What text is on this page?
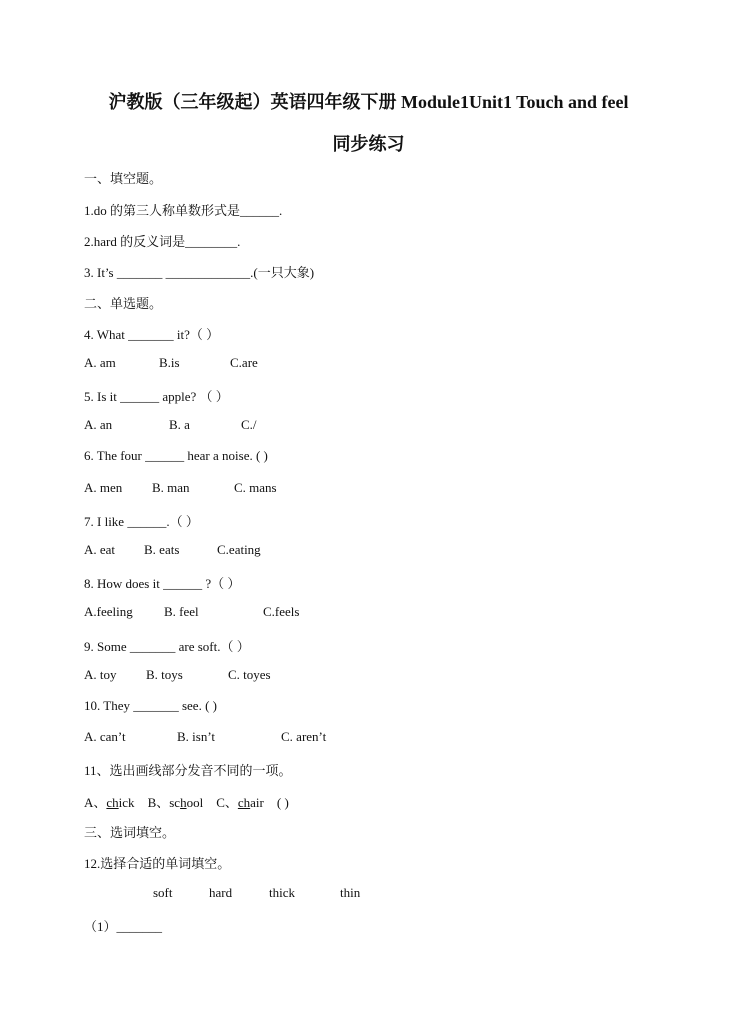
沪教版（三年级起）英语四年级下册 Module1Unit1 Touch and feel
同步练习
一、填空题。
1.do 的第三人称单数形式是______.
2.hard 的反义词是________.
3. It’s _______ _____________.(一只大象)
二、单选题。
4. What _______ it?（ ）
A. am	B.is	C.are
5. Is it ______ apple? （ ）
A. an	B. a	C./
6. The four ______ hear a noise. ( )
A. men B. man	C. mans
7. I like ______.（ ）
A. eat B. eats	C.eating
8. How does it ______ ?（ ）
A.feeling B. feel	C.feels
9. Some _______ are soft.（ ）
A. toy B. toys	C. toyes
10. They _______ see. ( )
A. can’t	B. isn’t	C. aren’t
11、选出画线部分发音不同的一项。
A、chick B、school C、chair ( )
三、选词填空。
12.选择合适的单词填空。
soft	hard	thick	thin
（1）_______
